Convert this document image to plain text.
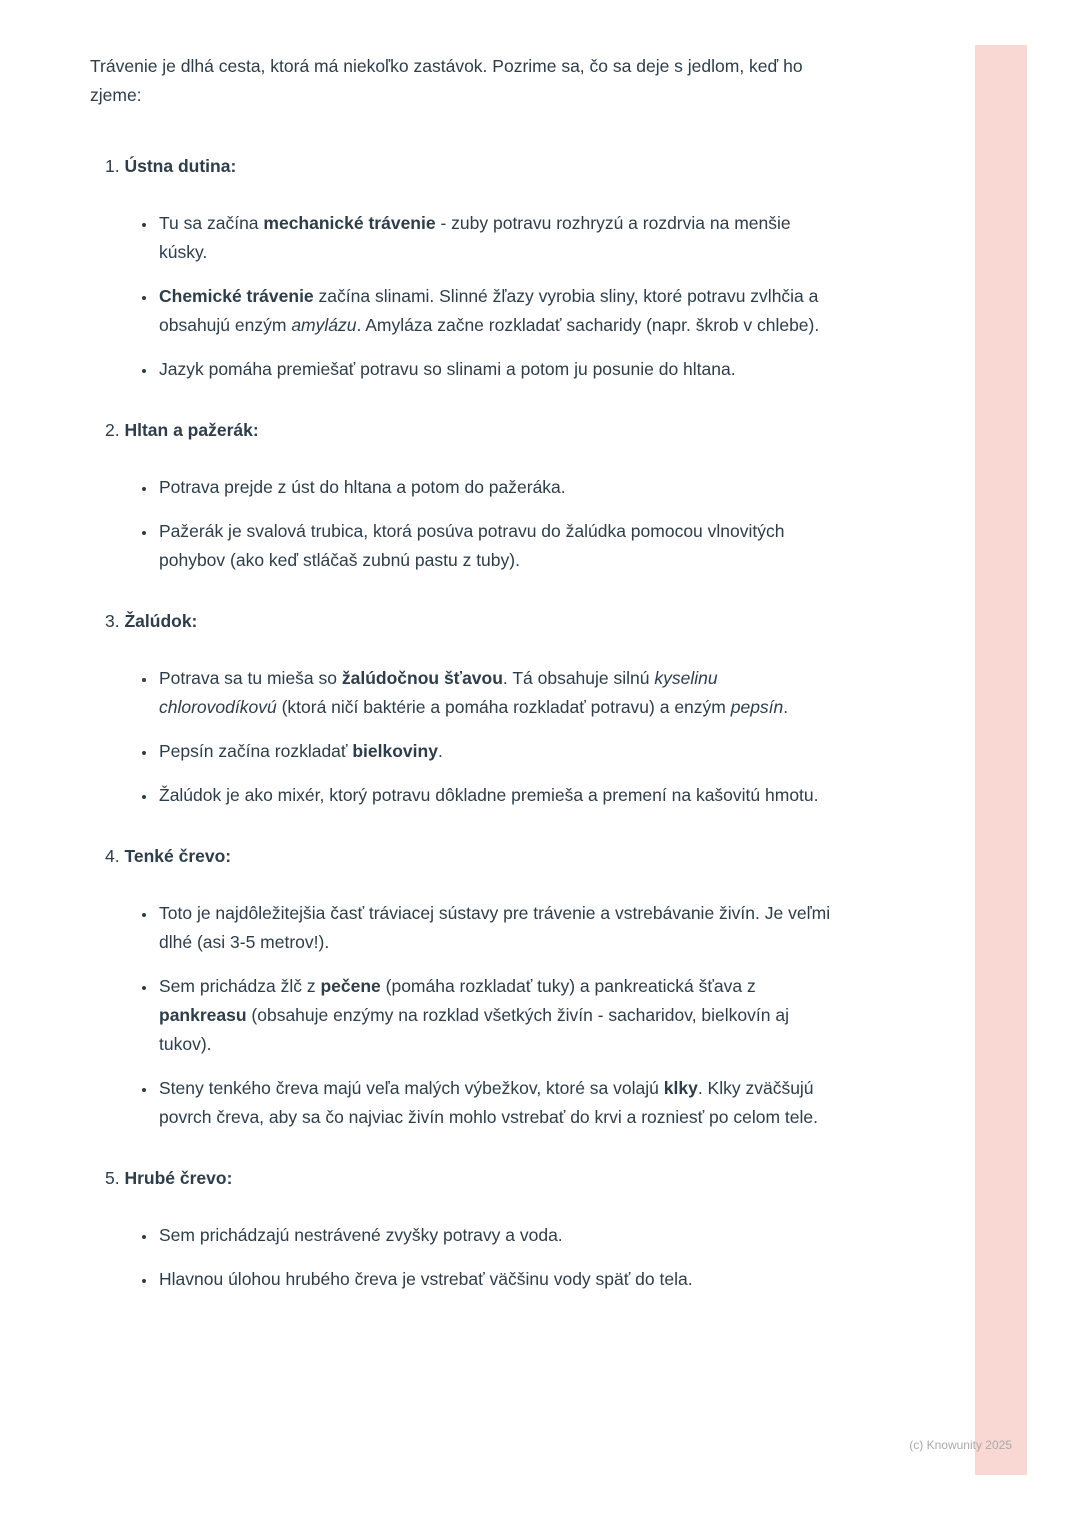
Trávenie je dlhá cesta, ktorá má niekoľko zastávok. Pozrime sa, čo sa deje s jedlom, keď ho zjeme:

1. Ústna dutina:
• Tu sa začína mechanické trávenie - zuby potravu rozhryzú a rozdrvia na menšie kúsky.
• Chemické trávenie začína slinami. Slinné žľazy vyrobia sliny, ktoré potravu zvlhčia a obsahujú enzým amylázu. Amyláza začne rozkladať sacharidy (napr. škrob v chlebe).
• Jazyk pomáha premiešať potravu so slinami a potom ju posunie do hltana.
2. Hltan a pažerák:
• Potrava prejde z úst do hltana a potom do pažeráka.
• Pažerák je svalová trubica, ktorá posúva potravu do žalúdka pomocou vlnovitých pohybov (ako keď stláčaš zubnú pastu z tuby).
3. Žalúdok:
• Potrava sa tu mieša so žalúdočnou šťavou. Tá obsahuje silnú kyselinu chlorovodíkovú (ktorá ničí baktérie a pomáha rozkladať potravu) a enzým pepsín.
• Pepsín začína rozkladať bielkoviny.
• Žalúdok je ako mixér, ktorý potravu dôkladne premieša a premení na kašovitú hmotu.
4. Tenké črevo:
• Toto je najdôležitejšia časť tráviacej sústavy pre trávenie a vstrebávanie živín. Je veľmi dlhé (asi 3-5 metrov!).
• Sem prichádza žlč z pečene (pomáha rozkladať tuky) a pankreatická šťava z pankreasu (obsahuje enzýmy na rozklad všetkých živín - sacharidov, bielkovín aj tukov).
• Steny tenkého čreva majú veľa malých výbežkov, ktoré sa volajú klky. Klky zväčšujú povrch čreva, aby sa čo najviac živín mohlo vstrebať do krvi a rozniesť po celom tele.
5. Hrubé črevo:
• Sem prichádzajú nestrávené zvyšky potravy a voda.
• Hlavnou úlohou hrubého čreva je vstrebať väčšinu vody späť do tela.
(c) Knowunity 2025
